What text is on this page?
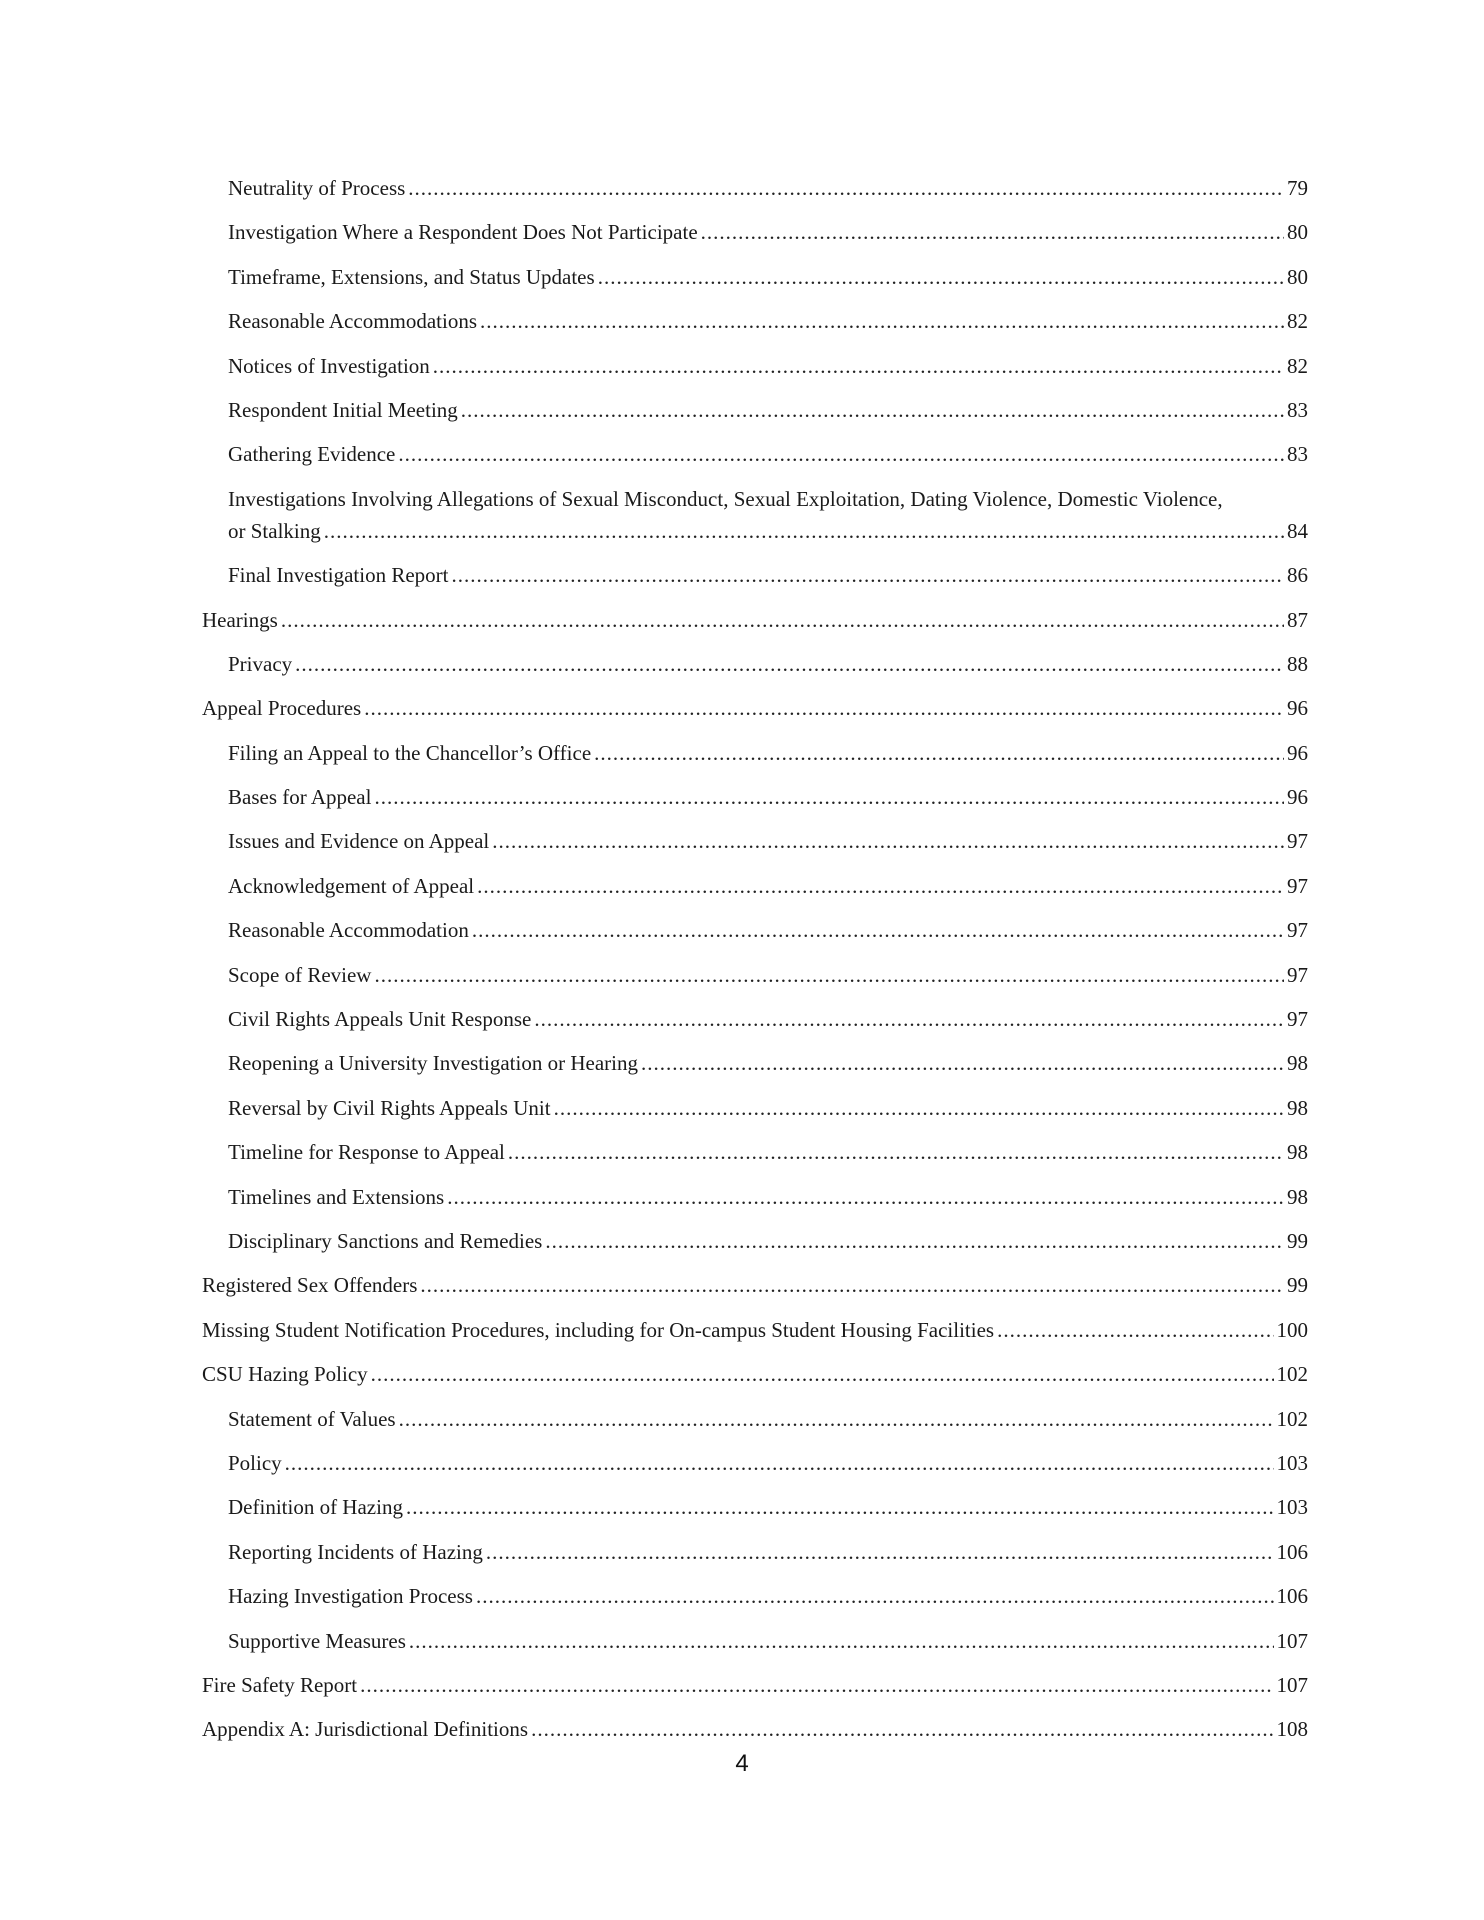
Neutrality of Process .....	79
Investigation Where a Respondent Does Not Participate .....	80
Timeframe, Extensions, and Status Updates .....	80
Reasonable Accommodations .....	82
Notices of Investigation .....	82
Respondent Initial Meeting .....	83
Gathering Evidence .....	83
Investigations Involving Allegations of Sexual Misconduct, Sexual Exploitation, Dating Violence, Domestic Violence,
or Stalking .....	84
Final Investigation Report .....	86
Hearings .....	87
Privacy .....	88
Appeal Procedures .....	96
Filing an Appeal to the Chancellor’s Office .....	96
Bases for Appeal .....	96
Issues and Evidence on Appeal .....	97
Acknowledgement of Appeal .....	97
Reasonable Accommodation .....	97
Scope of Review .....	97
Civil Rights Appeals Unit Response .....	97
Reopening a University Investigation or Hearing .....	98
Reversal by Civil Rights Appeals Unit .....	98
Timeline for Response to Appeal .....	98
Timelines and Extensions .....	98
Disciplinary Sanctions and Remedies .....	99
Registered Sex Offenders .....	99
Missing Student Notification Procedures, including for On-campus Student Housing Facilities .....	100
CSU Hazing Policy .....	102
Statement of Values .....	102
Policy .....	103
Definition of Hazing .....	103
Reporting Incidents of Hazing .....	106
Hazing Investigation Process .....	106
Supportive Measures .....	107
Fire Safety Report .....	107
Appendix A: Jurisdictional Definitions .....	108
4
